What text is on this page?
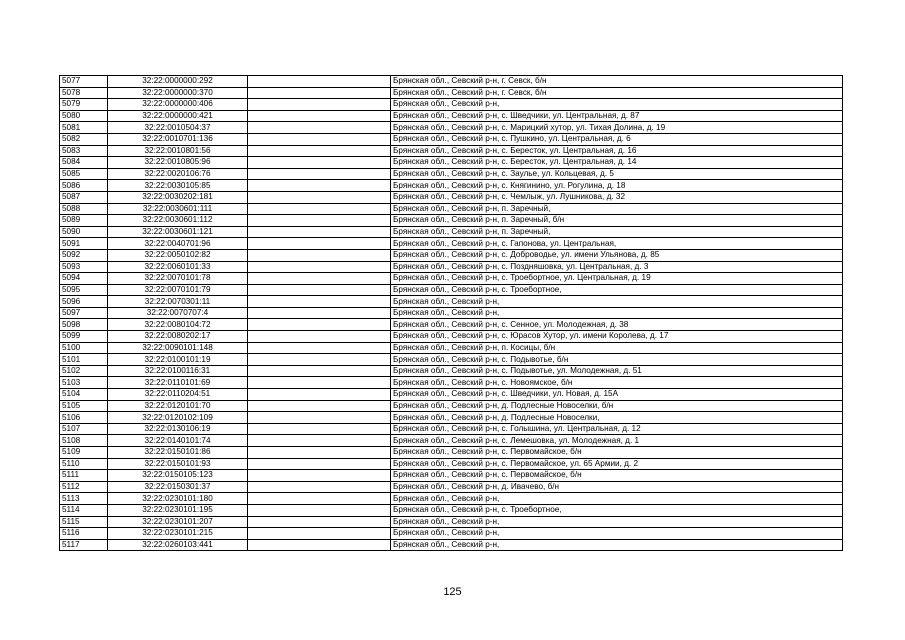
5077	32:22:0000000:292		Брянская обл., Севский р-н, г. Севск, б/н
5078	32:22:0000000:370		Брянская обл., Севский р-н, г. Севск, б/н
5079	32:22:0000000:406		Брянская обл., Севский р-н,
5080	32:22:0000000:421		Брянская обл., Севский р-н, с. Шведчики, ул. Центральная, д. 87
5081	32:22:0010504:37		Брянская обл., Севский р-н, с. Марицкий хутор, ул. Тихая Долина, д. 19
5082	32:22:0010701:136		Брянская обл., Севский р-н, с. Пушкино, ул. Центральная, д. 6
5083	32:22:0010801:56		Брянская обл., Севский р-н, с. Бересток, ул. Центральная, д. 16
5084	32:22:0010805:96		Брянская обл., Севский р-н, с. Бересток, ул. Центральная, д. 14
5085	32:22:0020106:76		Брянская обл., Севский р-н, с. Заулье, ул. Кольцевая, д. 5
5086	32:22:0030105:85		Брянская обл., Севский р-н, с. Княгинино, ул. Рогулина, д. 18
5087	32:22:0030202:181		Брянская обл., Севский р-н, с. Чемлыж, ул. Лушникова, д. 32
5088	32:22:0030601:111		Брянская обл., Севский р-н, п. Заречный,
5089	32:22:0030601:112		Брянская обл., Севский р-н, п. Заречный, б/н
5090	32:22:0030601:121		Брянская обл., Севский р-н, п. Заречный,
5091	32:22:0040701:96		Брянская обл., Севский р-н, с. Гапонова, ул. Центральная,
5092	32:22:0050102:82		Брянская обл., Севский р-н, с. Доброводье, ул. имени Ульянова, д. 85
5093	32:22:0060101:33		Брянская обл., Севский р-н, с. Поздняшовка, ул. Центральная, д. 3
5094	32:22:0070101:78		Брянская обл., Севский р-н, с. Троебортное, ул. Центральная, д. 19
5095	32:22:0070101:79		Брянская обл., Севский р-н, с. Троебортное,
5096	32:22:0070301:11		Брянская обл., Севский р-н,
5097	32:22:0070707:4		Брянская обл., Севский р-н,
5098	32:22:0080104:72		Брянская обл., Севский р-н, с. Сенное, ул. Молодежная, д. 38
5099	32:22:0080202:17		Брянская обл., Севский р-н, с. Юрасов Хутор, ул. имени Королева, д. 17
5100	32:22:0090101:148		Брянская обл., Севский р-н, п. Косицы, б/н
5101	32:22:0100101:19		Брянская обл., Севский р-н, с. Подывотье, б/н
5102	32:22:0100116:31		Брянская обл., Севский р-н, с. Подывотье, ул. Молодежная, д. 51
5103	32:22:0110101:69		Брянская обл., Севский р-н, с. Новоямское, б/н
5104	32:22:0110204:51		Брянская обл., Севский р-н, с. Шведчики, ул. Новая, д. 15А
5105	32:22:0120101:70		Брянская обл., Севский р-н, д. Подлесные Новоселки, б/н
5106	32:22:0120102:109		Брянская обл., Севский р-н, д. Подлесные Новоселки,
5107	32:22:0130106:19		Брянская обл., Севский р-н, с. Голышина, ул. Центральная, д. 12
5108	32:22:0140101:74		Брянская обл., Севский р-н, с. Лемешовка, ул. Молодежная, д. 1
5109	32:22:0150101:86		Брянская обл., Севский р-н, с. Первомайское, б/н
5110	32:22:0150101:93		Брянская обл., Севский р-н, с. Первомайское, ул. 65 Армии, д. 2
5111	32:22:0150105:123		Брянская обл., Севский р-н, с. Первомайское, б/н
5112	32:22:0150301:37		Брянская обл., Севский р-н, д. Ивачево, б/н
5113	32:22:0230101:180		Брянская обл., Севский р-н,
5114	32:22:0230101:195		Брянская обл., Севский р-н, с. Троебортное,
5115	32:22:0230101:207		Брянская обл., Севский р-н,
5116	32:22:0230101:215		Брянская обл., Севский р-н,
5117	32:22:0260103:441		Брянская обл., Севский р-н,
125
